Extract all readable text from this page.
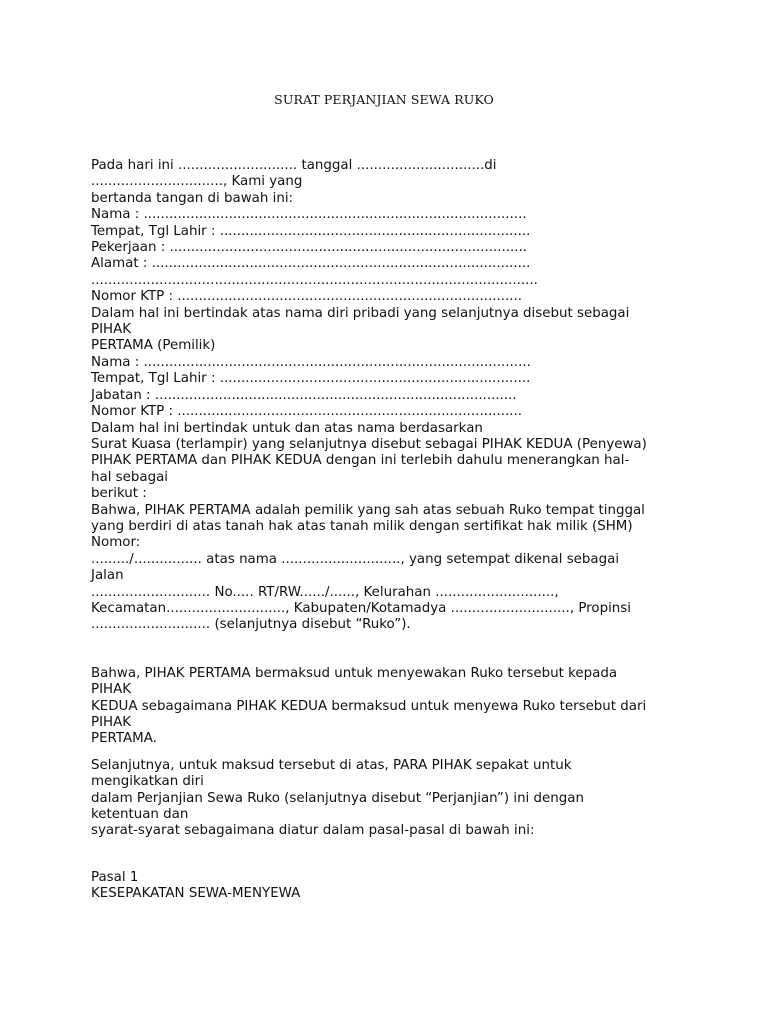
SURAT PERJANJIAN SEWA RUKO
Pada hari ini ............................ tanggal ..............................di
..............................., Kami yang
bertanda tangan di bawah ini:
Nama : ..........................................................................................
Tempat, Tgl Lahir : .........................................................................
Pekerjaan : ....................................................................................
Alamat : .........................................................................................
.........................................................................................................
Nomor KTP : .................................................................................
Dalam hal ini bertindak atas nama diri pribadi yang selanjutnya disebut sebagai
PIHAK
PERTAMA (Pemilik)
Nama : ...........................................................................................
Tempat, Tgl Lahir : .........................................................................
Jabatan : .....................................................................................
Nomor KTP : .................................................................................
Dalam hal ini bertindak untuk dan atas nama berdasarkan
Surat Kuasa (terlampir) yang selanjutnya disebut sebagai PIHAK KEDUA (Penyewa)
PIHAK PERTAMA dan PIHAK KEDUA dengan ini terlebih dahulu menerangkan hal-
hal sebagai
berikut :
Bahwa, PIHAK PERTAMA adalah pemilik yang sah atas sebuah Ruko tempat tinggal
yang berdiri di atas tanah hak atas tanah milik dengan sertifikat hak milik (SHM)
Nomor:
........./................ atas nama ............................, yang setempat dikenal sebagai
Jalan
............................ No..... RT/RW....../......, Kelurahan ............................,
Kecamatan............................, Kabupaten/Kotamadya ............................, Propinsi
............................ (selanjutnya disebut “Ruko”).
Bahwa, PIHAK PERTAMA bermaksud untuk menyewakan Ruko tersebut kepada
PIHAK
KEDUA sebagaimana PIHAK KEDUA bermaksud untuk menyewa Ruko tersebut dari
PIHAK
PERTAMA.
Selanjutnya, untuk maksud tersebut di atas, PARA PIHAK sepakat untuk
mengikatkan diri
dalam Perjanjian Sewa Ruko (selanjutnya disebut “Perjanjian”) ini dengan
ketentuan dan
syarat-syarat sebagaimana diatur dalam pasal-pasal di bawah ini:
Pasal 1
KESEPAKATAN SEWA-MENYEWA
